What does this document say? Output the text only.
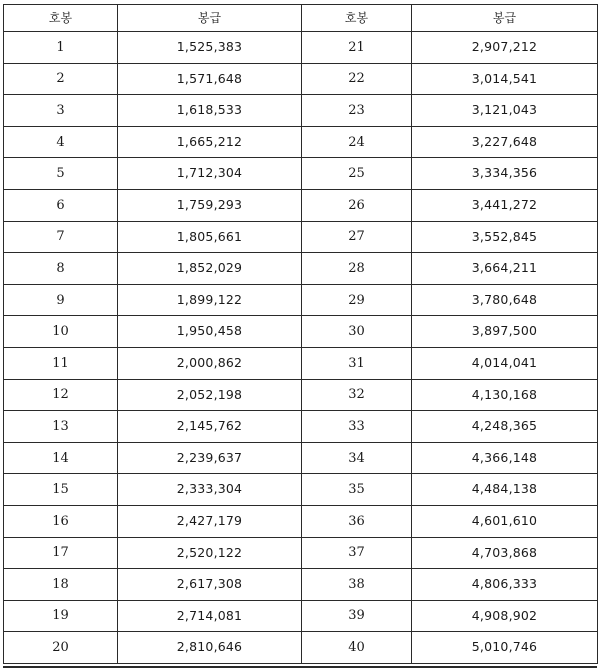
호봉	봉급	호봉	봉급
1	1,525,383	21	2,907,212
2	1,571,648	22	3,014,541
3	1,618,533	23	3,121,043
4	1,665,212	24	3,227,648
5	1,712,304	25	3,334,356
6	1,759,293	26	3,441,272
7	1,805,661	27	3,552,845
8	1,852,029	28	3,664,211
9	1,899,122	29	3,780,648
10	1,950,458	30	3,897,500
11	2,000,862	31	4,014,041
12	2,052,198	32	4,130,168
13	2,145,762	33	4,248,365
14	2,239,637	34	4,366,148
15	2,333,304	35	4,484,138
16	2,427,179	36	4,601,610
17	2,520,122	37	4,703,868
18	2,617,308	38	4,806,333
19	2,714,081	39	4,908,902
20	2,810,646	40	5,010,746
